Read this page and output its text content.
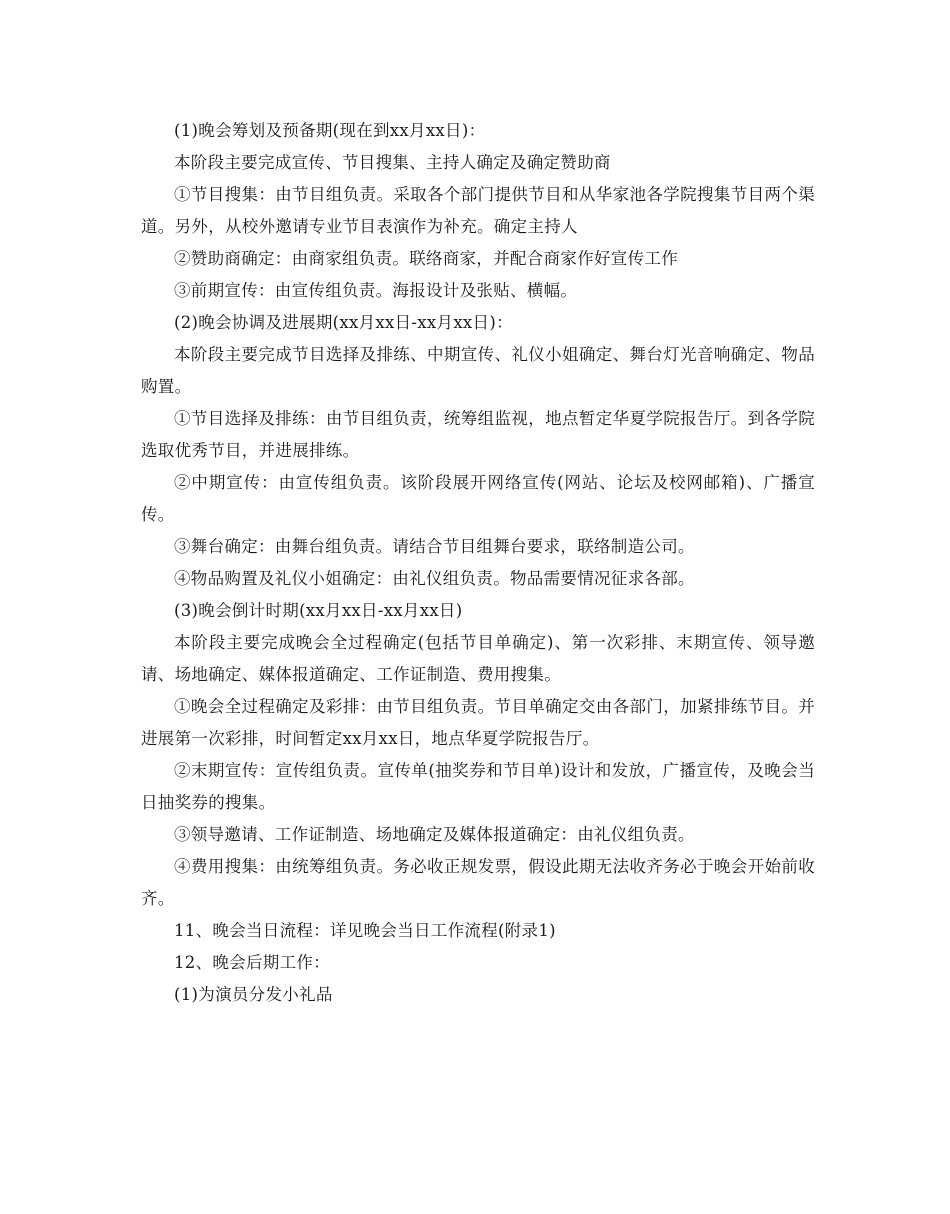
(1)晚会筹划及预备期(现在到xx月xx日)：

本阶段主要完成宣传、节目搜集、主持人确定及确定赞助商

①节目搜集：由节目组负责。采取各个部门提供节目和从华家池各学院搜集节目两个渠道。另外，从校外邀请专业节目表演作为补充。确定主持人

②赞助商确定：由商家组负责。联络商家，并配合商家作好宣传工作

③前期宣传：由宣传组负责。海报设计及张贴、横幅。

(2)晚会协调及进展期(xx月xx日-xx月xx日)：

本阶段主要完成节目选择及排练、中期宣传、礼仪小姐确定、舞台灯光音响确定、物品购置。

①节目选择及排练：由节目组负责，统筹组监视，地点暂定华夏学院报告厅。到各学院选取优秀节目，并进展排练。

②中期宣传：由宣传组负责。该阶段展开网络宣传(网站、论坛及校网邮箱)、广播宣传。

③舞台确定：由舞台组负责。请结合节目组舞台要求，联络制造公司。

④物品购置及礼仪小姐确定：由礼仪组负责。物品需要情况征求各部。

(3)晚会倒计时期(xx月xx日-xx月xx日)

本阶段主要完成晚会全过程确定(包括节目单确定)、第一次彩排、末期宣传、领导邀请、场地确定、媒体报道确定、工作证制造、费用搜集。

①晚会全过程确定及彩排：由节目组负责。节目单确定交由各部门，加紧排练节目。并进展第一次彩排，时间暂定xx月xx日，地点华夏学院报告厅。

②末期宣传：宣传组负责。宣传单(抽奖券和节目单)设计和发放，广播宣传，及晚会当日抽奖券的搜集。

③领导邀请、工作证制造、场地确定及媒体报道确定：由礼仪组负责。

④费用搜集：由统筹组负责。务必收正规发票，假设此期无法收齐务必于晚会开始前收齐。

11、晚会当日流程：详见晚会当日工作流程(附录1)

12、晚会后期工作：

(1)为演员分发小礼品
